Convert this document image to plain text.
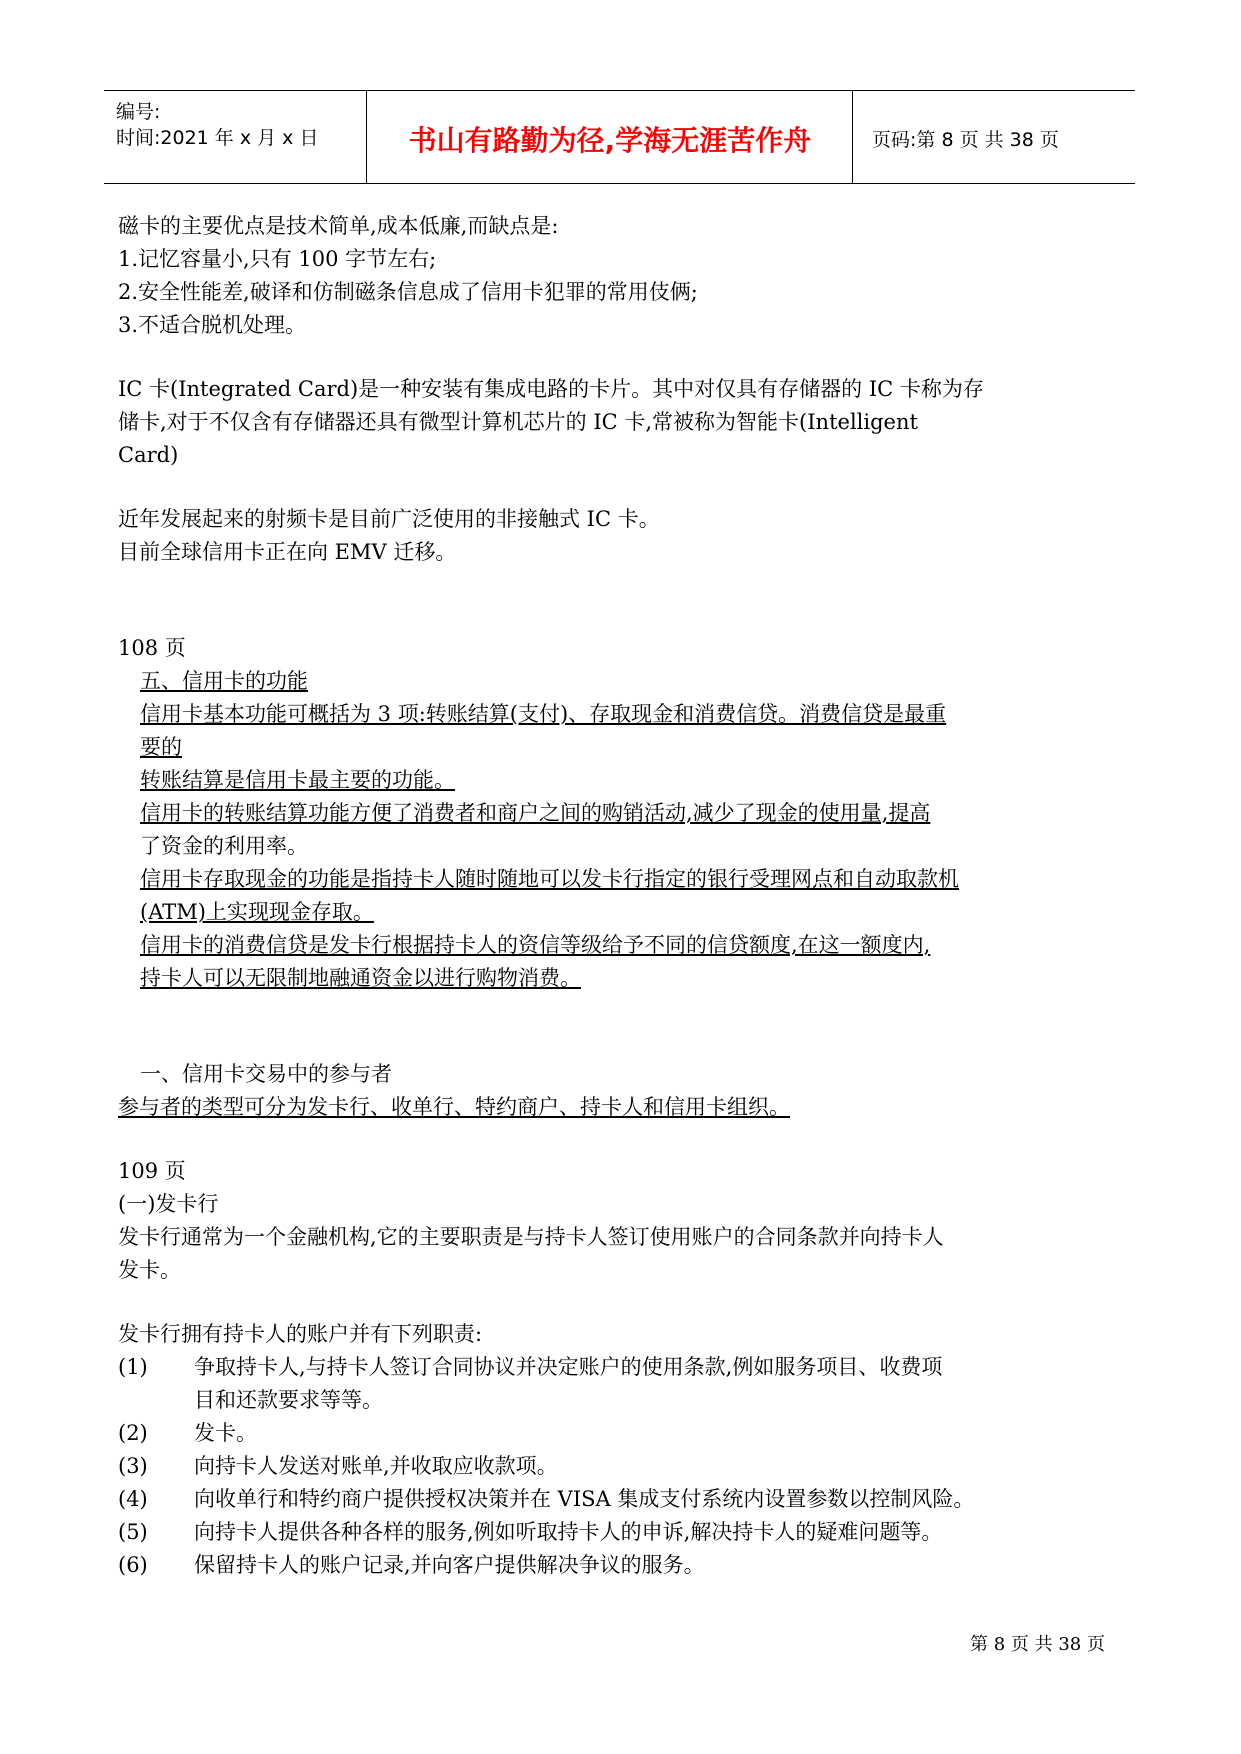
编号:
时间:2021 年 x 月 x 日	书山有路勤为径,学海无涯苦作舟	页码:第 8 页 共 38 页
磁卡的主要优点是技术简单,成本低廉,而缺点是:
1.记忆容量小,只有 100 字节左右;
2.安全性能差,破译和仿制磁条信息成了信用卡犯罪的常用伎俩;
3.不适合脱机处理。
IC 卡(Integrated Card)是一种安装有集成电路的卡片。其中对仅具有存储器的 IC 卡称为存
储卡,对于不仅含有存储器还具有微型计算机芯片的 IC 卡,常被称为智能卡(Intelligent
Card)
近年发展起来的射频卡是目前广泛使用的非接触式 IC 卡。
目前全球信用卡正在向 EMV 迁移。
108 页
五、信用卡的功能
信用卡基本功能可概括为 3 项:转账结算(支付)、存取现金和消费信贷。消费信贷是最重
要的
转账结算是信用卡最主要的功能。
信用卡的转账结算功能方便了消费者和商户之间的购销活动,减少了现金的使用量,提高
了资金的利用率。
信用卡存取现金的功能是指持卡人随时随地可以发卡行指定的银行受理网点和自动取款机
(ATM)上实现现金存取。
信用卡的消费信贷是发卡行根据持卡人的资信等级给予不同的信贷额度,在这一额度内,
持卡人可以无限制地融通资金以进行购物消费。
一、信用卡交易中的参与者
参与者的类型可分为发卡行、收单行、特约商户、持卡人和信用卡组织。
109 页
(一)发卡行
发卡行通常为一个金融机构,它的主要职责是与持卡人签订使用账户的合同条款并向持卡人
发卡。
发卡行拥有持卡人的账户并有下列职责:
(1) 争取持卡人,与持卡人签订合同协议并决定账户的使用条款,例如服务项目、收费项
目和还款要求等等。
(2) 发卡。
(3) 向持卡人发送对账单,并收取应收款项。
(4) 向收单行和特约商户提供授权决策并在 VISA 集成支付系统内设置参数以控制风险。
(5) 向持卡人提供各种各样的服务,例如听取持卡人的申诉,解决持卡人的疑难问题等。
(6) 保留持卡人的账户记录,并向客户提供解决争议的服务。
第 8 页 共 38 页
